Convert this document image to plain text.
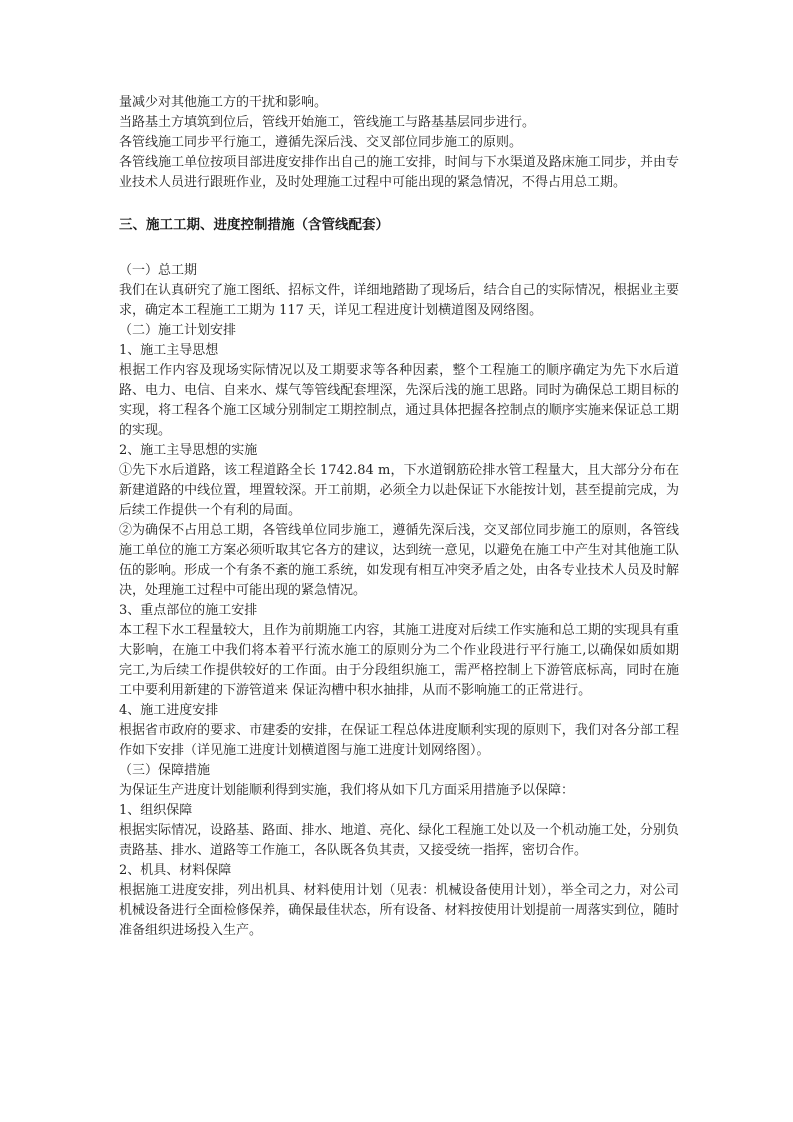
量减少对其他施工方的干扰和影响。

当路基土方填筑到位后，管线开始施工，管线施工与路基基层同步进行。

各管线施工同步平行施工，遵循先深后浅、交叉部位同步施工的原则。

各管线施工单位按项目部进度安排作出自己的施工安排，时间与下水渠道及路床施工同步，并由专业技术人员进行跟班作业，及时处理施工过程中可能出现的紧急情况，不得占用总工期。

三、施工工期、进度控制措施（含管线配套）

（一）总工期

我们在认真研究了施工图纸、招标文件，详细地踏勘了现场后，结合自己的实际情况，根据业主要求，确定本工程施工工期为 117 天，详见工程进度计划横道图及网络图。

（二）施工计划安排

1、施工主导思想

根据工作内容及现场实际情况以及工期要求等各种因素，整个工程施工的顺序确定为先下水后道路、电力、电信、自来水、煤气等管线配套埋深，先深后浅的施工思路。同时为确保总工期目标的实现，将工程各个施工区域分别制定工期控制点，通过具体把握各控制点的顺序实施来保证总工期的实现。

2、施工主导思想的实施

①先下水后道路，该工程道路全长 1742.84 m，下水道钢筋砼排水管工程量大，且大部分分布在新建道路的中线位置，埋置较深。开工前期，必须全力以赴保证下水能按计划，甚至提前完成，为后续工作提供一个有利的局面。

②为确保不占用总工期，各管线单位同步施工，遵循先深后浅，交叉部位同步施工的原则，各管线施工单位的施工方案必须听取其它各方的建议，达到统一意见，以避免在施工中产生对其他施工队伍的影响。形成一个有条不紊的施工系统，如发现有相互冲突矛盾之处，由各专业技术人员及时解决，处理施工过程中可能出现的紧急情况。

3、重点部位的施工安排

本工程下水工程量较大，且作为前期施工内容，其施工进度对后续工作实施和总工期的实现具有重大影响，在施工中我们将本着平行流水施工的原则分为二个作业段进行平行施工,以确保如质如期完工,为后续工作提供较好的工作面。由于分段组织施工，需严格控制上下游管底标高，同时在施工中要利用新建的下游管道来 保证沟槽中积水抽排，从而不影响施工的正常进行。

4、施工进度安排

根据省市政府的要求、市建委的安排，在保证工程总体进度顺利实现的原则下，我们对各分部工程作如下安排（详见施工进度计划横道图与施工进度计划网络图）。

（三）保障措施

为保证生产进度计划能顺利得到实施，我们将从如下几方面采用措施予以保障：

1、组织保障

根据实际情况，设路基、路面、排水、地道、亮化、绿化工程施工处以及一个机动施工处，分别负责路基、排水、道路等工作施工，各队既各负其责，又接受统一指挥，密切合作。

2、机具、材料保障

根据施工进度安排，列出机具、材料使用计划（见表：机械设备使用计划），举全司之力，对公司机械设备进行全面检修保养，确保最佳状态，所有设备、材料按使用计划提前一周落实到位，随时准备组织进场投入生产。
